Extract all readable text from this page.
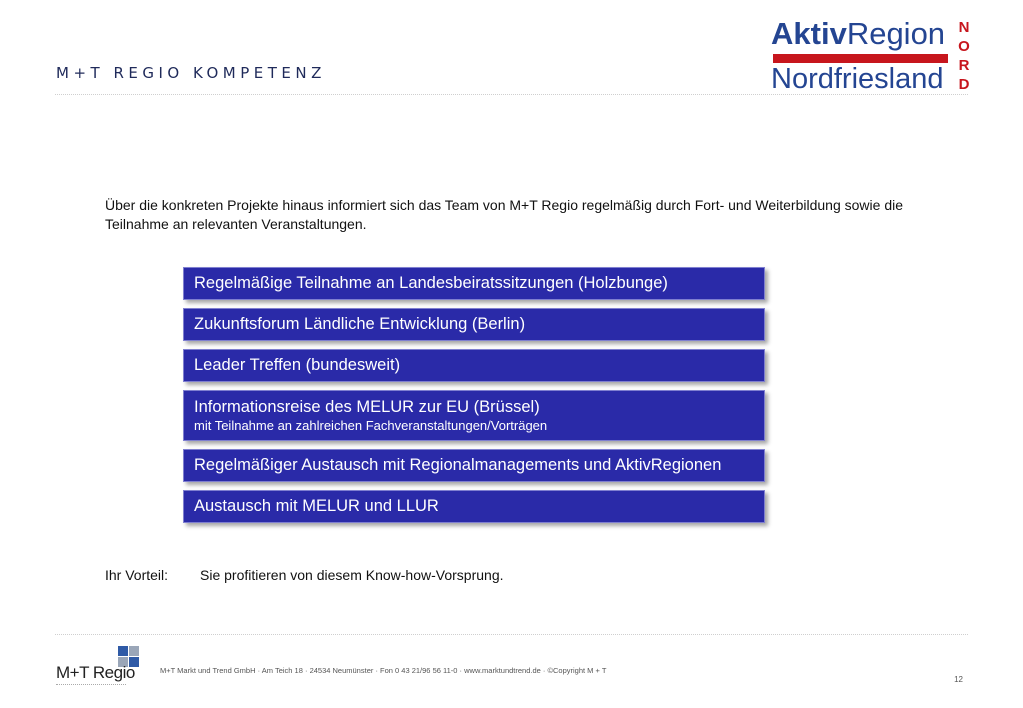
M+T REGIO KOMPETENZ
AktivRegion
Nordfriesland
N
O
R
D
Über die konkreten Projekte hinaus informiert sich das Team von M+T Regio regelmäßig durch Fort- und Weiterbildung sowie die Teilnahme an relevanten Veranstaltungen.
Regelmäßige Teilnahme an Landesbeiratssitzungen (Holzbunge)
Zukunftsforum Ländliche Entwicklung (Berlin)
Leader Treffen (bundesweit)
Informationsreise des MELUR zur EU (Brüssel)
mit Teilnahme an zahlreichen Fachveranstaltungen/Vorträgen
Regelmäßiger Austausch mit Regionalmanagements und AktivRegionen
Austausch mit MELUR und LLUR
Ihr Vorteil: Sie profitieren von diesem Know-how-Vorsprung.
M+T Regio	M+T Markt und Trend GmbH · Am Teich 18 · 24534 Neumünster · Fon 0 43 21/96 56 11-0 · www.marktundtrend.de · ©Copyright M + T
12
